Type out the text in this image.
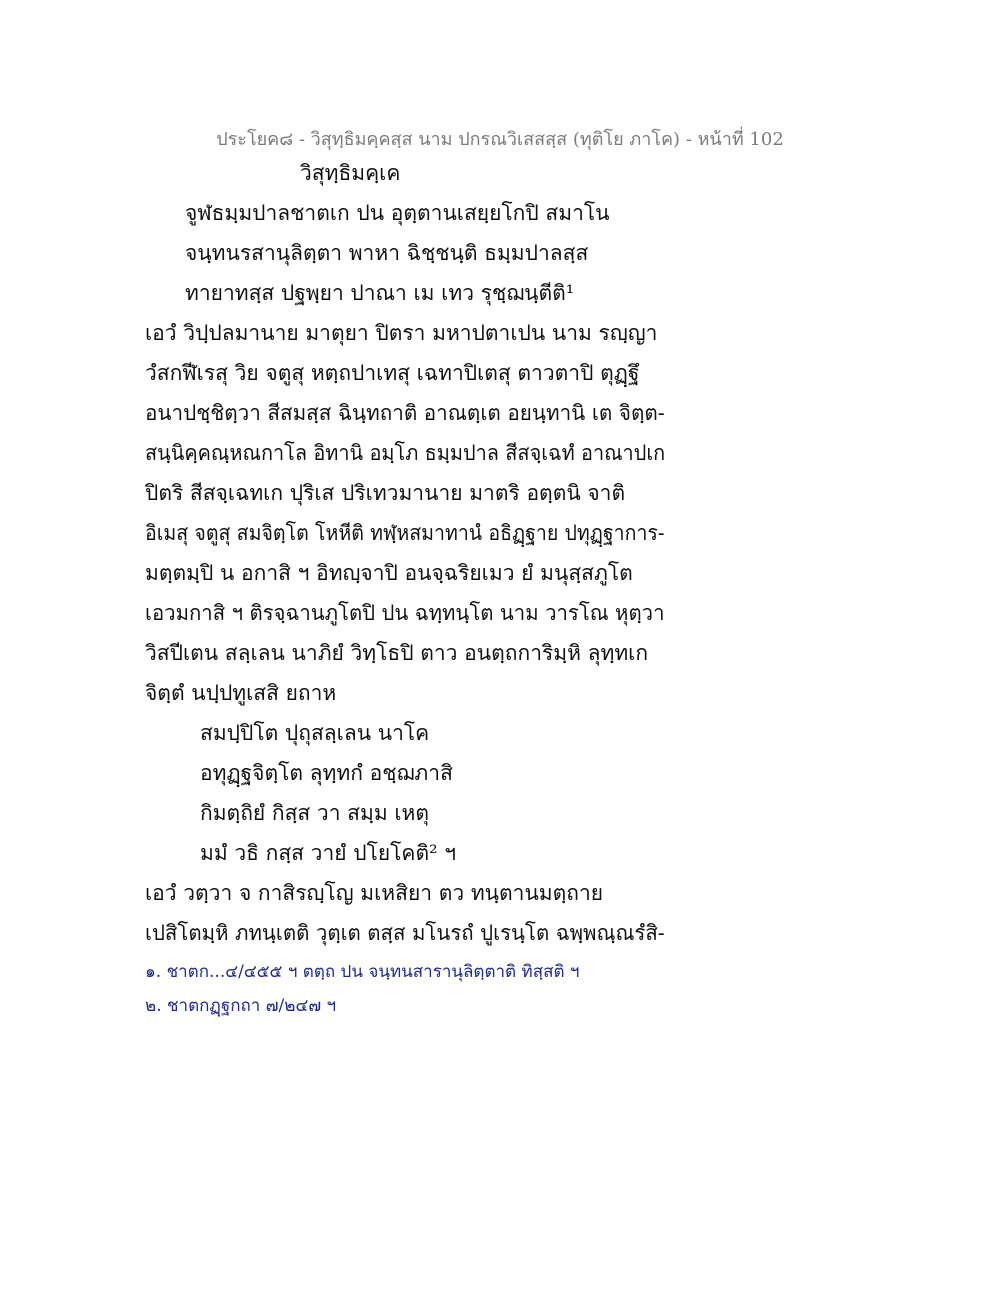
ประโยค๘ - วิสุทฺธิมคฺคสฺส นาม ปกรณวิเสสสฺส (ทุติโย ภาโค) - หน้าที่ 102
วิสุทฺธิมคฺเค
จูฬธมฺมปาลชาตเก ปน อุตฺตานเสยฺยโกปิ สมาโน
จนฺทนรสานุลิตฺตา พาหา ฉิชฺชนฺติ ธมฺมปาลสฺส
ทายาทสฺส ปฐพฺยา ปาณา เม เทว รุชฺฌนฺตีติ¹
เอวํ วิปฺปลมานาย มาตุยา ปิตรา มหาปตาเปน นาม รญฺญา
วํสกฬีเรสุ วิย จตูสุ หตฺถปาเทสุ เฉทาปิเตสุ ตาวตาปิ ตุฏฺฐึ
อนาปชฺชิตฺวา สีสมสฺส ฉินฺทถาติ อาณตฺเต อยนฺทานิ เต จิตฺต-
สนฺนิคฺคณฺหณกาโล อิทานิ อมฺโภ ธมฺมปาล สีสจฺเฉทํ อาณาปเก
ปิตริ สีสจฺเฉทเก ปุริเส ปริเทวมานาย มาตริ อตฺตนิ จาติ
อิเมสุ จตูสุ สมจิตฺโต โหหีติ ทฬฺหสมาทานํ อธิฏฺฐาย ปทุฏฺฐาการ-
มตฺตมฺปิ น อกาสิ ฯ อิทญฺจาปิ อนจฺฉริยเมว ยํ มนุสฺสภูโต
เอวมกาสิ ฯ ติรจฺฉานภูโตปิ ปน ฉทฺทนฺโต นาม วารโณ หุตฺวา
วิสปีเตน สลฺเลน นาภิยํ วิทฺโธปิ ตาว อนตฺถการิมฺหิ ลุทฺทเก
จิตฺตํ นปฺปทูเสสิ ยถาห
สมปฺปิโต ปุถุสลฺเลน นาโค
อทุฏฺฐจิตฺโต ลุทฺทกํ อชฺฌภาสิ
กิมตฺถิยํ กิสฺส วา สมฺม เหตุ
มมํ วธิ กสฺส วายํ ปโยโคติ² ฯ
เอวํ วตฺวา จ กาสิรญฺโญ มเหสิยา ตว ทนฺตานมตฺถาย
เปสิโตมฺหิ ภทนฺเตติ วุตฺเต ตสฺส มโนรถํ ปูเรนฺโต ฉพฺพณฺณรํสิ-
๑. ชาตก...๔/๔๕๕ ฯ ตตฺถ ปน จนฺทนสารานุลิตฺตาติ ทิสฺสติ ฯ
๒. ชาตกฏฺฐกถา ๗/๒๔๗ ฯ
